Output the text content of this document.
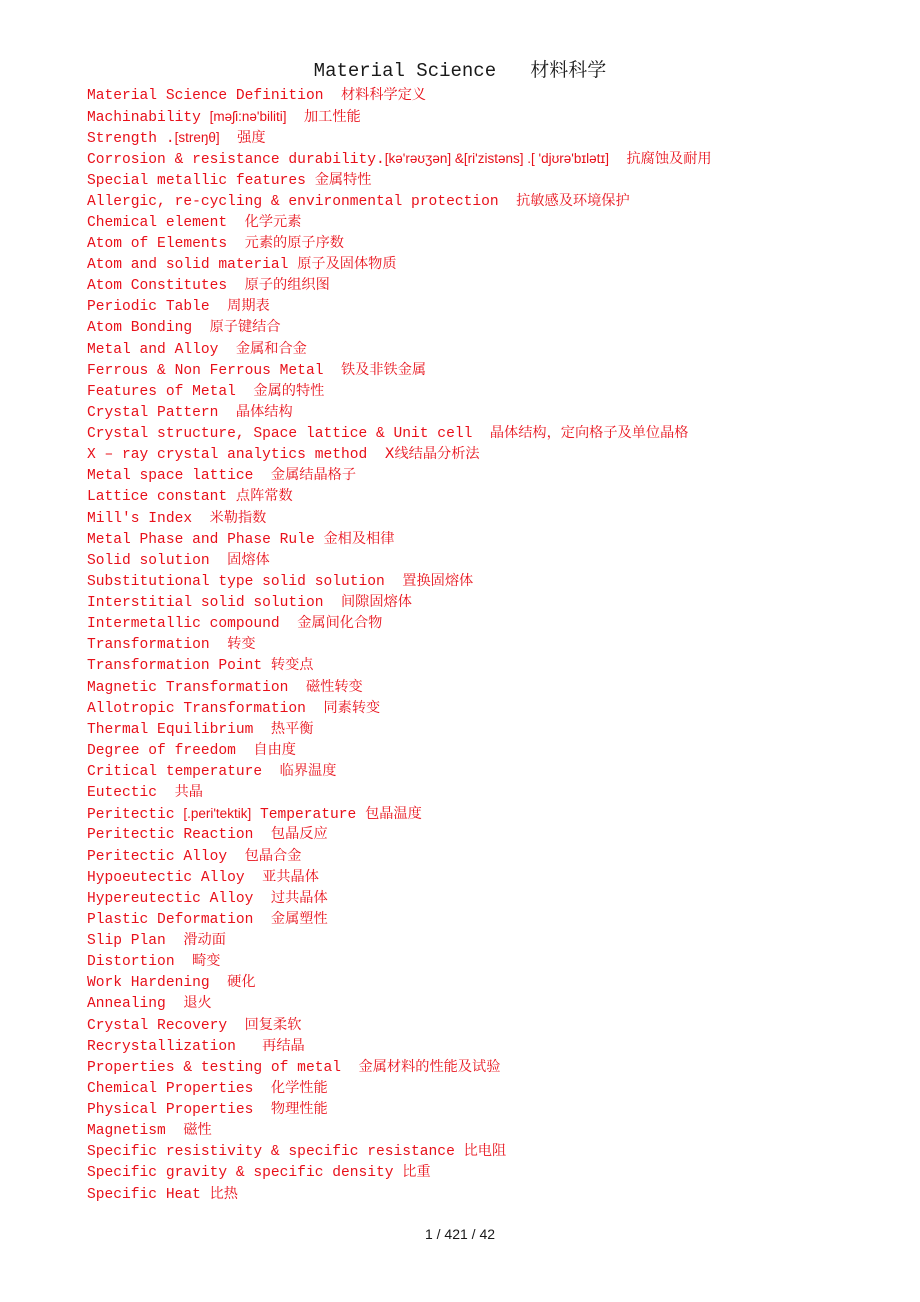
Material Science   材料科学
Material Science Definition  材料科学定义
Machinability [məʃi:nə'biliti] 加工性能
Strength .[streŋθ] 强度
Corrosion & resistance durability.[kə'rəʊʒən] &[ri'zistəns] .[ 'djʊrə'bɪlətɪ] 抗腐蚀及耐用
Special metallic features 金属特性
Allergic, re-cycling & environmental protection  抗敏感及环境保护
Chemical element  化学元素
Atom of Elements  元素的原子序数
Atom and solid material 原子及固体物质
Atom Constitutes  原子的组织图
Periodic Table  周期表
Atom Bonding  原子键结合
Metal and Alloy  金属和合金
Ferrous & Non Ferrous Metal  铁及非铁金属
Features of Metal  金属的特性
Crystal Pattern  晶体结构
Crystal structure, Space lattice & Unit cell  晶体结构，定向格子及单位晶格
X – ray crystal analytics method  X线结晶分析法
Metal space lattice  金属结晶格子
Lattice constant 点阵常数
Mill's Index  米勒指数
Metal Phase and Phase Rule 金相及相律
Solid solution  固熔体
Substitutional type solid solution  置换固熔体
Interstitial solid solution  间隙固熔体
Intermetallic compound  金属间化合物
Transformation  转变
Transformation Point 转变点
Magnetic Transformation  磁性转变
Allotropic Transformation  同素转变
Thermal Equilibrium  热平衡
Degree of freedom  自由度
Critical temperature  临界温度
Eutectic  共晶
Peritectic [.peri'tektik] Temperature 包晶温度
Peritectic Reaction  包晶反应
Peritectic Alloy  包晶合金
Hypoeutectic Alloy  亚共晶体
Hypereutectic Alloy  过共晶体
Plastic Deformation  金属塑性
Slip Plan  滑动面
Distortion  畸变
Work Hardening  硬化
Annealing  退火
Crystal Recovery  回复柔软
Recrystallization   再结晶
Properties & testing of metal  金属材料的性能及试验
Chemical Properties  化学性能
Physical Properties  物理性能
Magnetism  磁性
Specific resistivity & specific resistance 比电阻
Specific gravity & specific density 比重
Specific Heat 比热
1 / 421 / 42
